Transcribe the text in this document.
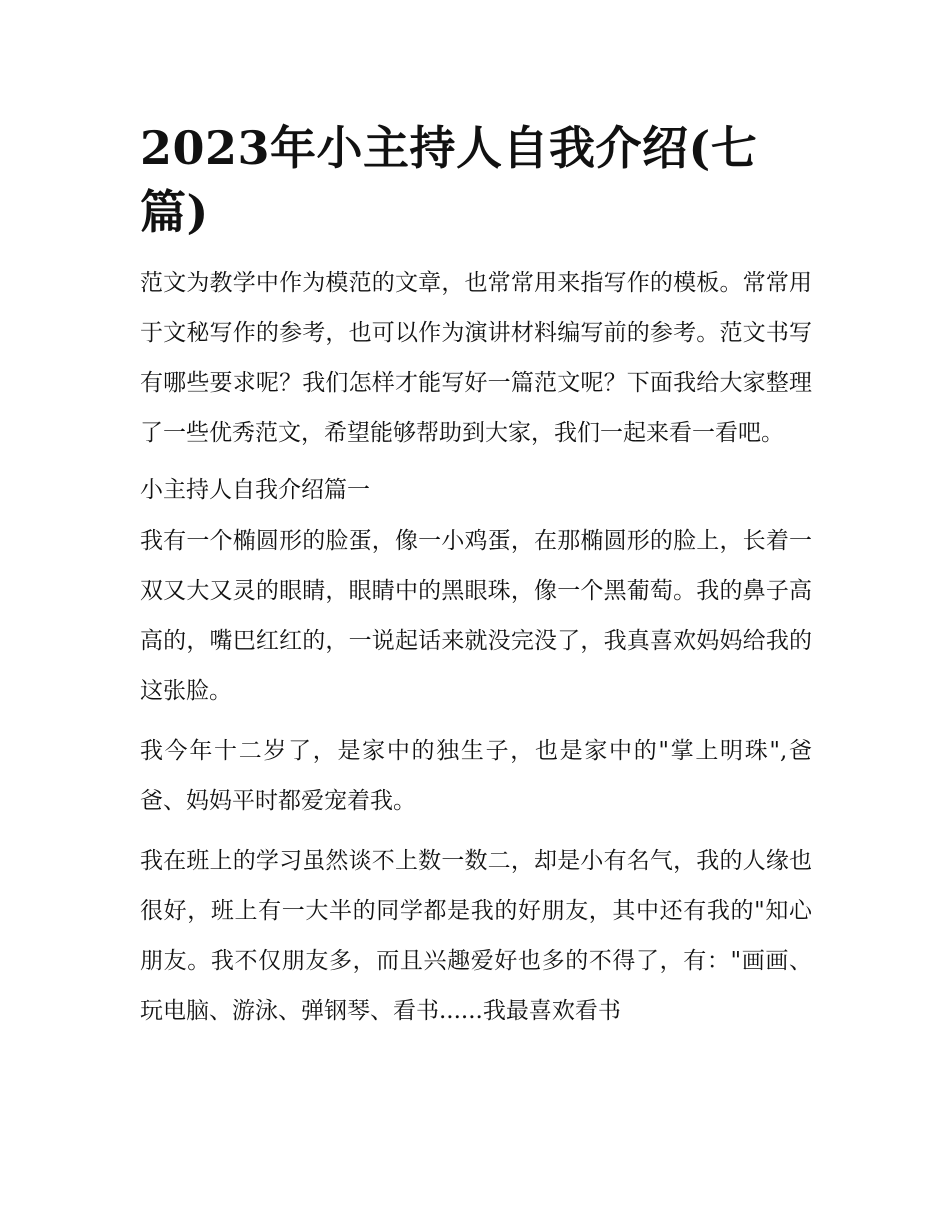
2023年小主持人自我介绍(七篇)

范文为教学中作为模范的文章，也常常用来指写作的模板。常常用于文秘写作的参考，也可以作为演讲材料编写前的参考。范文书写有哪些要求呢？我们怎样才能写好一篇范文呢？下面我给大家整理了一些优秀范文，希望能够帮助到大家，我们一起来看一看吧。

小主持人自我介绍篇一

我有一个椭圆形的脸蛋，像一小鸡蛋，在那椭圆形的脸上，长着一双又大又灵的眼睛，眼睛中的黑眼珠，像一个黑葡萄。我的鼻子高高的，嘴巴红红的，一说起话来就没完没了，我真喜欢妈妈给我的这张脸。

我今年十二岁了，是家中的独生子，也是家中的"掌上明珠",爸爸、妈妈平时都爱宠着我。

我在班上的学习虽然谈不上数一数二，却是小有名气，我的人缘也很好，班上有一大半的同学都是我的好朋友，其中还有我的"知心朋友。我不仅朋友多，而且兴趣爱好也多的不得了，有："画画、玩电脑、游泳、弹钢琴、看书......我最喜欢看书
